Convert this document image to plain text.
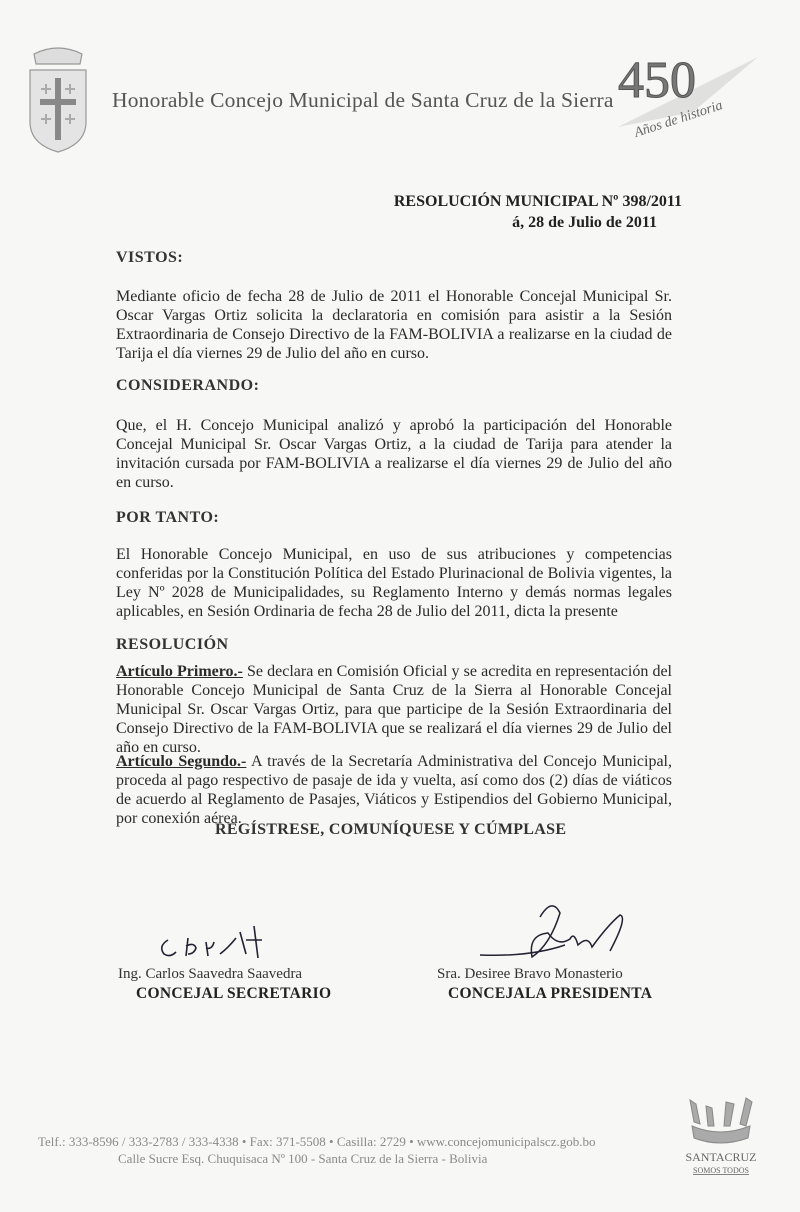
Honorable Concejo Municipal de Santa Cruz de la Sierra 450
Años de historia
RESOLUCIÓN MUNICIPAL Nº 398/2011
á, 28 de Julio de 2011
VISTOS:
Mediante oficio de fecha 28 de Julio de 2011 el Honorable Concejal Municipal Sr. Oscar Vargas Ortiz solicita la declaratoria en comisión para asistir a la Sesión Extraordinaria de Consejo Directivo de la FAM-BOLIVIA a realizarse en la ciudad de Tarija el día viernes 29 de Julio del año en curso.
CONSIDERANDO:
Que, el H. Concejo Municipal analizó y aprobó la participación del Honorable Concejal Municipal Sr. Oscar Vargas Ortiz, a la ciudad de Tarija para atender la invitación cursada por FAM-BOLIVIA a realizarse el día viernes 29 de Julio del año en curso.
POR TANTO:
El Honorable Concejo Municipal, en uso de sus atribuciones y competencias conferidas por la Constitución Política del Estado Plurinacional de Bolivia vigentes, la Ley Nº 2028 de Municipalidades, su Reglamento Interno y demás normas legales aplicables, en Sesión Ordinaria de fecha 28 de Julio del 2011, dicta la presente
RESOLUCIÓN
Artículo Primero.- Se declara en Comisión Oficial y se acredita en representación del Honorable Concejo Municipal de Santa Cruz de la Sierra al Honorable Concejal Municipal Sr. Oscar Vargas Ortiz, para que participe de la Sesión Extraordinaria del Consejo Directivo de la FAM-BOLIVIA que se realizará el día viernes 29 de Julio del año en curso.
Artículo Segundo.- A través de la Secretaría Administrativa del Concejo Municipal, proceda al pago respectivo de pasaje de ida y vuelta, así como dos (2) días de viáticos de acuerdo al Reglamento de Pasajes, Viáticos y Estipendios del Gobierno Municipal, por conexión aérea.
REGÍSTRESE, COMUNÍQUESE Y CÚMPLASE
Ing. Carlos Saavedra Saavedra
CONCEJAL SECRETARIO
Sra. Desiree Bravo Monasterio
CONCEJALA PRESIDENTA
Telf.: 333-8596 / 333-2783 / 333-4338 • Fax: 371-5508 • Casilla: 2729 • www.concejomunicipalscz.gob.bo
Calle Sucre Esq. Chuquisaca Nº 100 - Santa Cruz de la Sierra - Bolivia	SANTACRUZ
SOMOS TODOS
